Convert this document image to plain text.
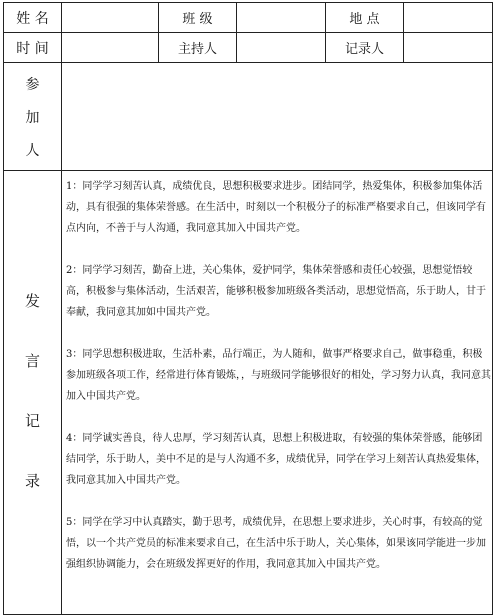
姓 名	班 级	地 点
时 间	主持人	记录人
参
加
人
发
言
记
录

1：同学学习刻苦认真，成绩优良，思想积极要求进步。团结同学，热爱集体，积极参加集体活动，具有很强的集体荣誉感。在生活中，时刻以一个积极分子的标准严格要求自己，但该同学有点内向，不善于与人沟通，我同意其加入中国共产党。

2：同学学习刻苦，勤奋上进，关心集体，爱护同学，集体荣誉感和责任心较强，思想觉悟较高，积极参与集体活动，生活艰苦，能够积极参加班级各类活动，思想觉悟高，乐于助人，甘于奉献，我同意其加如中国共产党。

3：同学思想积极进取，生活朴素，品行端正，为人随和，做事严格要求自己，做事稳重，积极参加班级各项工作，经常进行体育锻炼，，与班级同学能够很好的相处，学习努力认真，我同意其加入中国共产党。

4：同学诚实善良，待人忠厚，学习刻苦认真，思想上积极进取，有较强的集体荣誉感，能够团结同学，乐于助人，美中不足的是与人沟通不多，成绩优异，同学在学习上刻苦认真热爱集体，我同意其加入中国共产党。

5：同学在学习中认真踏实，勤于思考，成绩优异，在思想上要求进步，关心时事，有较高的觉悟，以一个共产党员的标准来要求自己，在生活中乐于助人，关心集体，如果该同学能进一步加强组织协调能力，会在班级发挥更好的作用，我同意其加入中国共产党。
